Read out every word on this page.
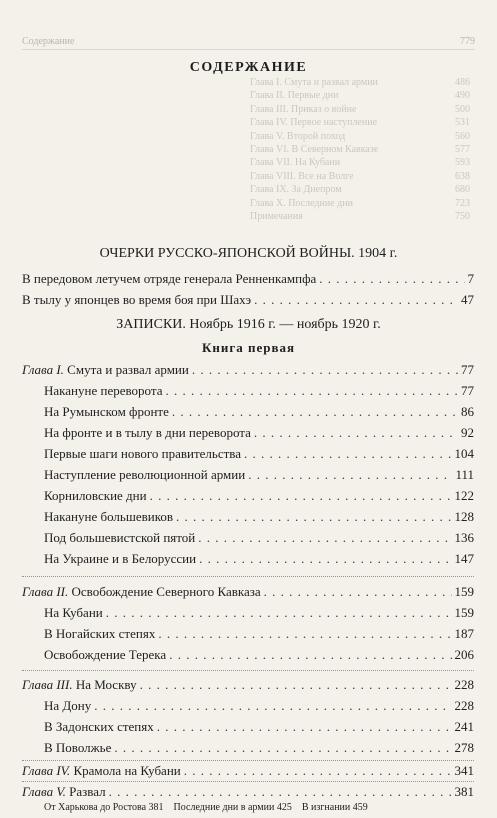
Содержание	779
Глава I. Смута и развал армии	486
Глава II. Первые дни	490
Глава III. Приказ о войне	500
Глава IV. Первое наступление	531
Глава V. Второй поход	560
Глава VI. В Северном Кавказе	577
Глава VII. На Кубани	593
Глава VIII. Все на Волге	638
Глава IX. За Днепром	680
Глава X. Последние дни	723
Примечания	750
СОДЕРЖАНИЕ
ОЧЕРКИ РУССКО-ЯПОНСКОЙ ВОЙНЫ. 1904 г.
В передовом летучем отряде генерала Ренненкампфа . . .	7
В тылу у японцев во время боя при Шахэ . . .	47
ЗАПИСКИ. Ноябрь 1916 г. — ноябрь 1920 г.
Книга первая
Глава I. Смута и развал армии . . .	77
Накануне переворота . . .	77
На Румынском фронте . . .	86
На фронте и в тылу в дни переворота . . .	92
Первые шаги нового правительства . . .	104
Наступление революционной армии . . .	111
Корниловские дни . . .	122
Накануне большевиков . . .	128
Под большевистской пятой . . .	136
На Украине и в Белоруссии . . .	147
Глава II. Освобождение Северного Кавказа . . .	159
На Кубани . . .	159
В Ногайских степях . . .	187
Освобождение Терека . . .	206
Глава III. На Москву . . .	228
На Дону . . .	228
В Задонских степях . . .	241
В Поволжье . . .	278
Глава IV. Крамола на Кубани . . .	341
Глава V. Развал . . .	381
От Харькова до Ростова 381 Последние дни в армии 425 В изгнании 459
